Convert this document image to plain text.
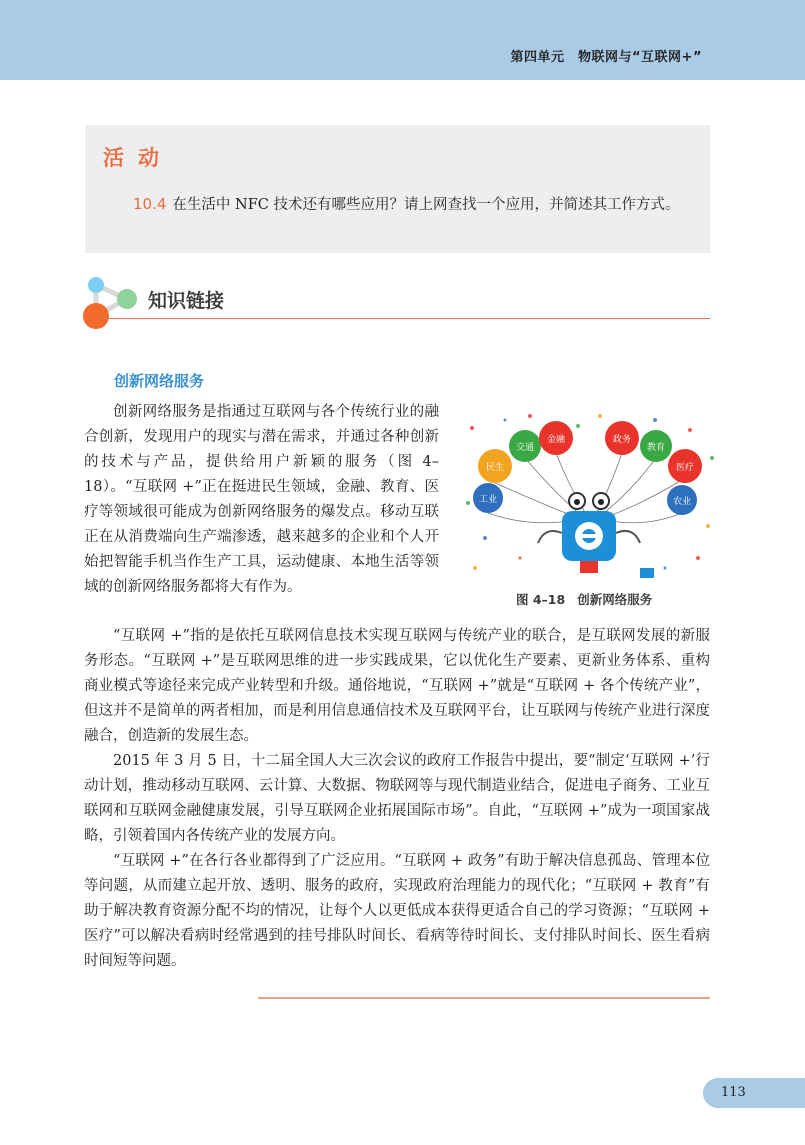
第四单元　物联网与“互联网+”
活动
10.4 在生活中 NFC 技术还有哪些应用？请上网查找一个应用，并简述其工作方式。
知识链接
创新网络服务

创新网络服务是指通过互联网与各个传统行业的融合创新，发现用户的现实与潜在需求，并通过各种创新的技术与产品，提供给用户新颖的服务（图 4–18）。“互联网 +”正在挺进民生领域，金融、教育、医疗等领域很可能成为创新网络服务的爆发点。移动互联正在从消费端向生产端渗透，越来越多的企业和个人开始把智能手机当作生产工具，运动健康、本地生活等领域的创新网络服务都将大有作为。

工业
民生
交通
金融	政务
教育
医疗
农业
图 4–18 创新网络服务

“互联网 +”指的是依托互联网信息技术实现互联网与传统产业的联合，是互联网发展的新服务形态。“互联网 +”是互联网思维的进一步实践成果，它以优化生产要素、更新业务体系、重构商业模式等途径来完成产业转型和升级。通俗地说，“互联网 +”就是“互联网 + 各个传统产业”，但这并不是简单的两者相加，而是利用信息通信技术及互联网平台，让互联网与传统产业进行深度融合，创造新的发展生态。

2015 年 3 月 5 日，十二届全国人大三次会议的政府工作报告中提出，要“制定‘互联网 +’行动计划，推动移动互联网、云计算、大数据、物联网等与现代制造业结合，促进电子商务、工业互联网和互联网金融健康发展，引导互联网企业拓展国际市场”。自此，“互联网 +”成为一项国家战略，引领着国内各传统产业的发展方向。

“互联网 +”在各行各业都得到了广泛应用。“互联网 + 政务”有助于解决信息孤岛、管理本位等问题，从而建立起开放、透明、服务的政府，实现政府治理能力的现代化；“互联网 + 教育”有助于解决教育资源分配不均的情况，让每个人以更低成本获得更适合自己的学习资源；“互联网 + 医疗”可以解决看病时经常遇到的挂号排队时间长、看病等待时间长、支付排队时间长、医生看病时间短等问题。

113
